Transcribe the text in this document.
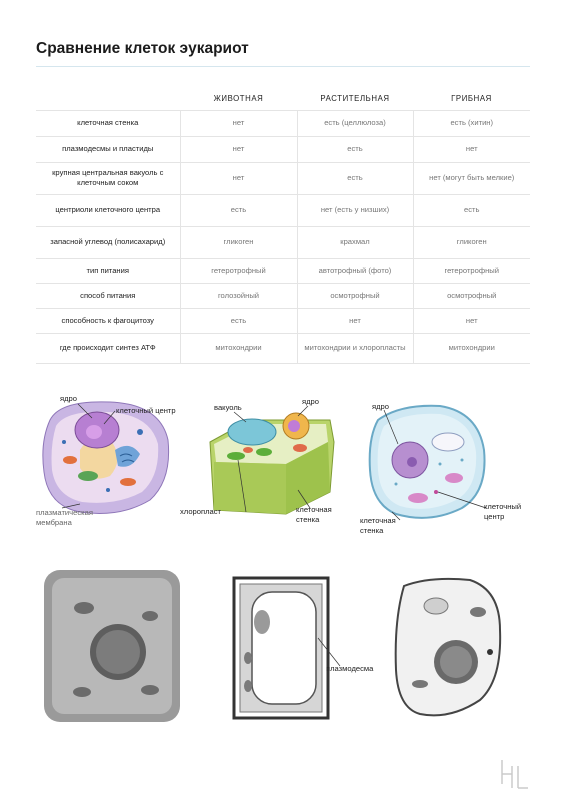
Сравнение клеток эукариот
	ЖИВОТНАЯ	РАСТИТЕЛЬНАЯ	ГРИБНАЯ
клеточная стенка	нет	есть (целлюлоза)	есть (хитин)
плазмодесмы и пластиды	нет	есть	нет
крупная центральная вакуоль с клеточным соком	нет	есть	нет (могут быть мелкие)
центриоли клеточного центра	есть	нет (есть у низших)	есть
запасной углевод (полисахарид)	гликоген	крахмал	гликоген
тип питания	гетеротрофный	автотрофный (фото)	гетеротрофный
способ питания	голозойный	осмотрофный	осмотрофный
способность к фагоцитозу	есть	нет	нет
где происходит синтез АТФ	митохондрии	митохондрии и хлоропласты	митохондрии
ядро
клеточный центр
плазматическая мембрана
вакуоль
ядро
хлоропласт	клеточная стенка
ядро
клеточная стенка
клеточный центр
плазмодесма
